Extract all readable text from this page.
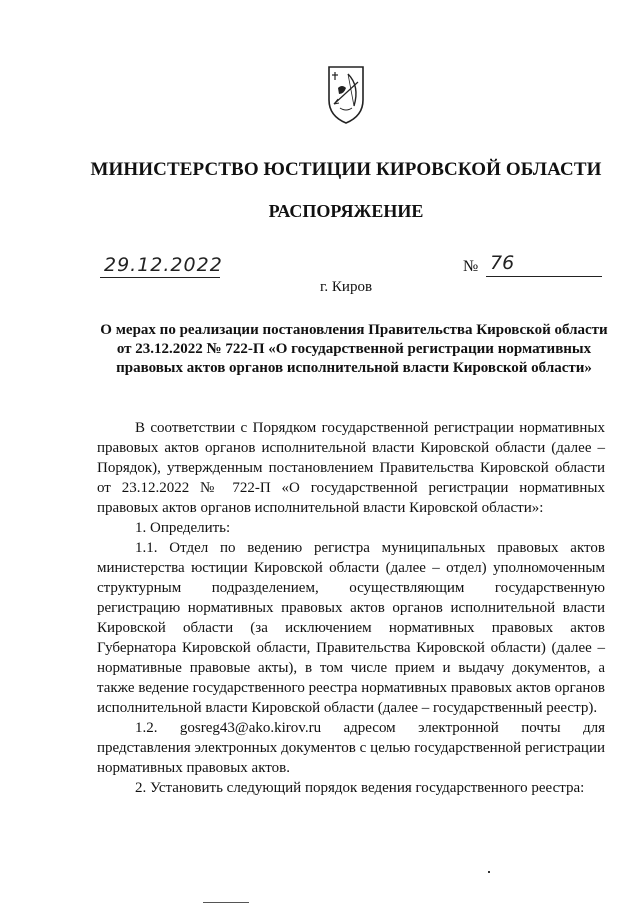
МИНИСТЕРСТВО ЮСТИЦИИ КИРОВСКОЙ ОБЛАСТИ
РАСПОРЯЖЕНИЕ
29.12.2022	№ 76
г. Киров
О мерах по реализации постановления Правительства Кировской области от 23.12.2022 № 722-П «О государственной регистрации нормативных правовых актов органов исполнительной власти Кировской области»

В соответствии с Порядком государственной регистрации нормативных правовых актов органов исполнительной власти Кировской области (далее – Порядок), утвержденным постановлением Правительства Кировской области от 23.12.2022 № 722-П «О государственной регистрации нормативных правовых актов органов исполнительной власти Кировской области»:

1. Определить:

1.1. Отдел по ведению регистра муниципальных правовых актов министерства юстиции Кировской области (далее – отдел) уполномоченным структурным подразделением, осуществляющим государственную регистрацию нормативных правовых актов органов исполнительной власти Кировской области (за исключением нормативных правовых актов Губернатора Кировской области, Правительства Кировской области) (далее – нормативные правовые акты), в том числе прием и выдачу документов, а также ведение государственного реестра нормативных правовых актов органов исполнительной власти Кировской области (далее – государственный реестр).

1.2. gosreg43@ako.kirov.ru адресом электронной почты для представления электронных документов с целью государственной регистрации нормативных правовых актов.

2. Установить следующий порядок ведения государственного реестра:
